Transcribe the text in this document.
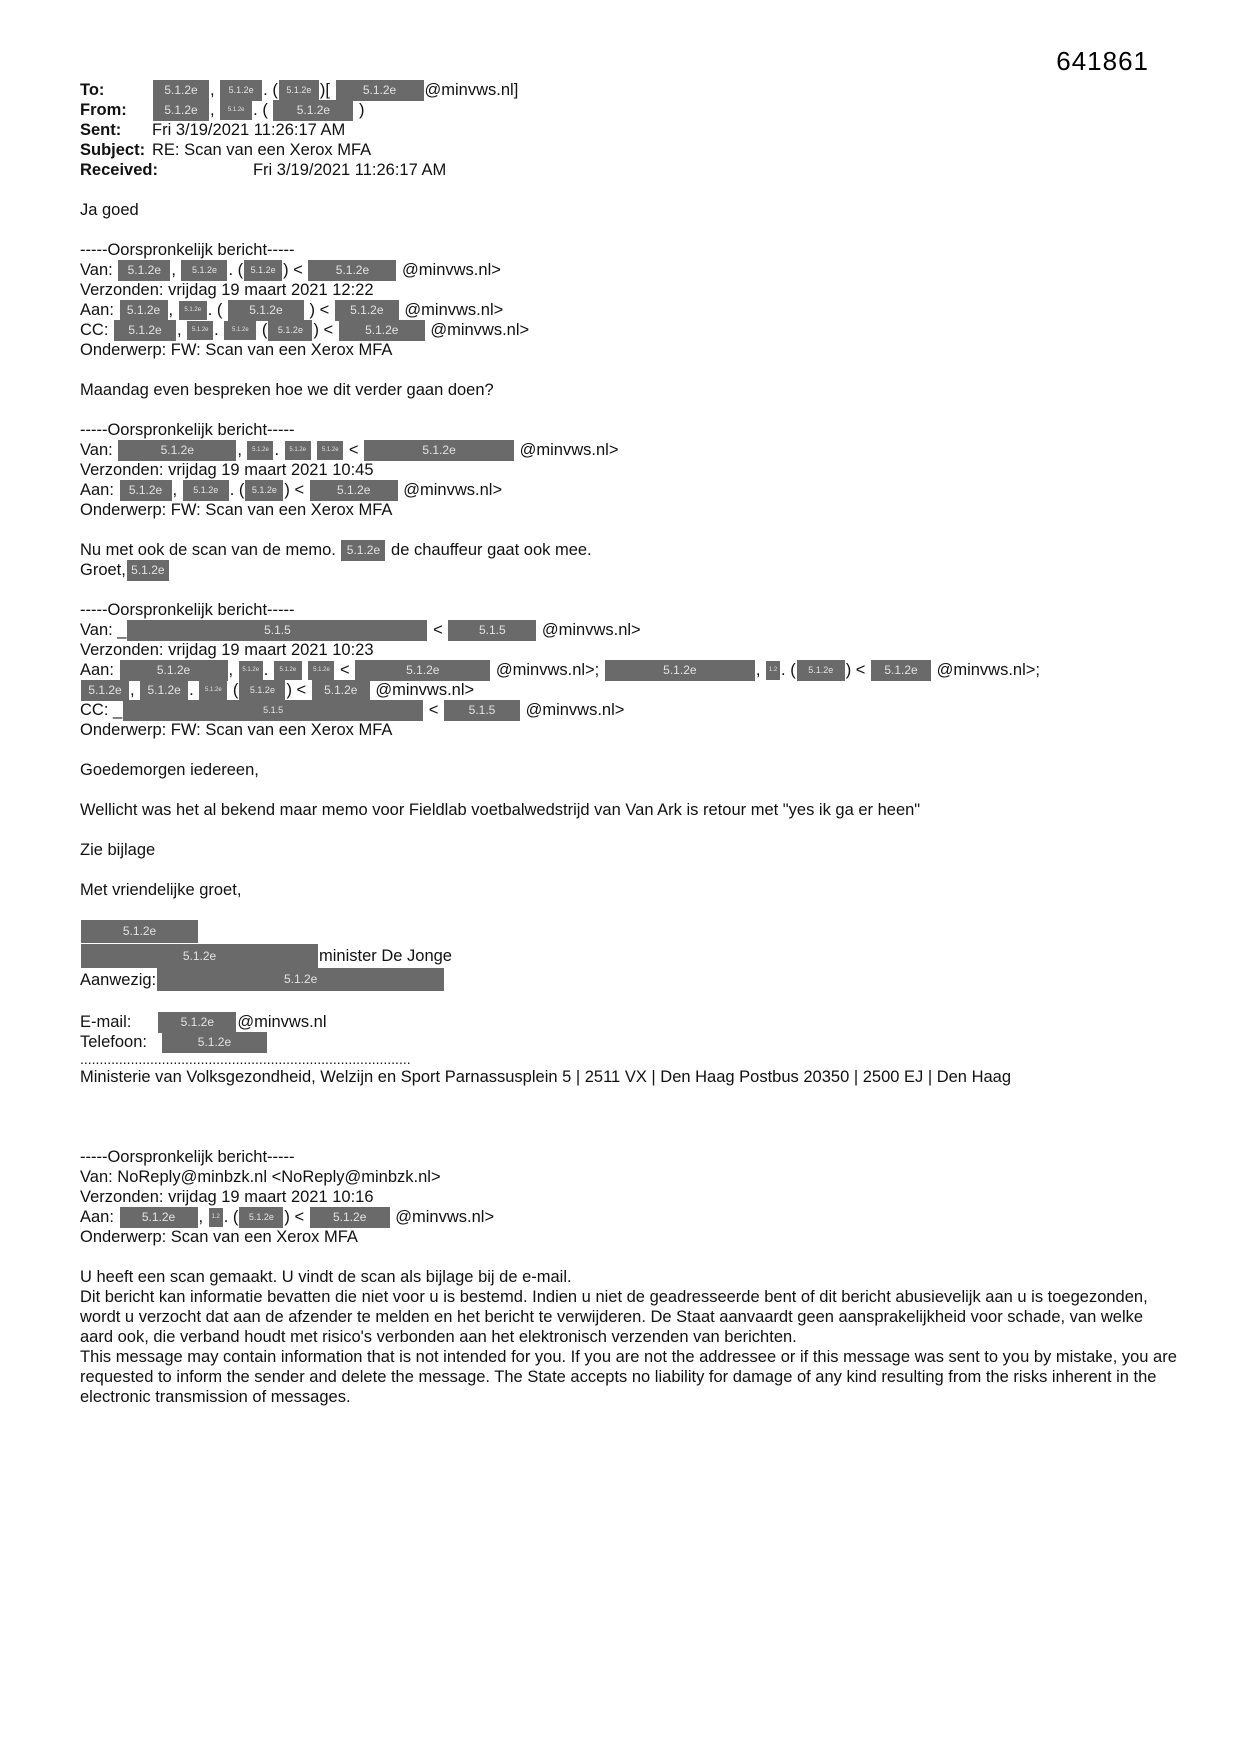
641861
To:	5.1.2e , 5.1.2e . ( 5.1.2e )[ 5.1.2e @minvws.nl]
From:	5.1.2e , 5.1.2e . ( 5.1.2e )
Sent: Fri 3/19/2021 11:26:17 AM
Subject: RE: Scan van een Xerox MFA
Received:	Fri 3/19/2021 11:26:17 AM
Ja goed
-----Oorspronkelijk bericht-----
Van: 5.1.2e , 5.1.2e . ( 5.1.2e ) < 5.1.2e @minvws.nl>
Verzonden: vrijdag 19 maart 2021 12:22
Aan: 5.1.2e , 5.1.2e . ( 5.1.2e ) < 5.1.2e @minvws.nl>
CC: 5.1.2e , 5.1.2e . 5.1.2e ( 5.1.2e ) < 5.1.2e @minvws.nl>
Onderwerp: FW: Scan van een Xerox MFA
Maandag even bespreken hoe we dit verder gaan doen?
-----Oorspronkelijk bericht-----
Van:	5.1.2e	, 5.1.2e . 5.1.2e	5.1.2e <	5.1.2e	@minvws.nl>
Verzonden: vrijdag 19 maart 2021 10:45
Aan: 5.1.2e , 5.1.2e . ( 5.1.2e ) < 5.1.2e @minvws.nl>
Onderwerp: FW: Scan van een Xerox MFA
Nu met ook de scan van de memo. 5.1.2e de chauffeur gaat ook mee.
Groet, 5.1.2e
-----Oorspronkelijk bericht-----
Van: _	5.1.5	<	5.1.5 @minvws.nl>
Verzonden: vrijdag 19 maart 2021 10:23
Aan:	5.1.2e , 5.1.2e . 5.1.2e	5.1.2e <	5.1.2e	@minvws.nl>;	5.1.2e	, 1.2 . ( 5.1.2e ) < 5.1.2e @minvws.nl>;
5.1.2e , 5.1.2e . 5.1.2e ( 5.1.2e ) < 5.1.2e @minvws.nl>
CC: _	5.1.5	< 5.1.5 @minvws.nl>
Onderwerp: FW: Scan van een Xerox MFA
Goedemorgen iedereen,
Wellicht was het al bekend maar memo voor Fieldlab voetbalwedstrijd van Van Ark is retour met "yes ik ga er heen"
Zie bijlage
Met vriendelijke groet,
5.1.2e
5.1.2e	minister De Jonge
Aanwezig:	5.1.2e
E-mail:	5.1.2e @minvws.nl
Telefoon:	5.1.2e
.....................................................................................
Ministerie van Volksgezondheid, Welzijn en Sport Parnassusplein 5 | 2511 VX | Den Haag Postbus 20350 | 2500 EJ | Den Haag
-----Oorspronkelijk bericht-----
Van: NoReply@minbzk.nl <NoReply@minbzk.nl>
Verzonden: vrijdag 19 maart 2021 10:16
Aan: 5.1.2e , 1.2 . ( 5.1.2e ) < 5.1.2e @minvws.nl>
Onderwerp: Scan van een Xerox MFA
U heeft een scan gemaakt. U vindt de scan als bijlage bij de e-mail.
Dit bericht kan informatie bevatten die niet voor u is bestemd. Indien u niet de geadresseerde bent of dit bericht abusievelijk aan u is toegezonden, wordt u verzocht dat aan de afzender te melden en het bericht te verwijderen. De Staat aanvaardt geen aansprakelijkheid voor schade, van welke aard ook, die verband houdt met risico's verbonden aan het elektronisch verzenden van berichten.
This message may contain information that is not intended for you. If you are not the addressee or if this message was sent to you by mistake, you are requested to inform the sender and delete the message. The State accepts no liability for damage of any kind resulting from the risks inherent in the electronic transmission of messages.
